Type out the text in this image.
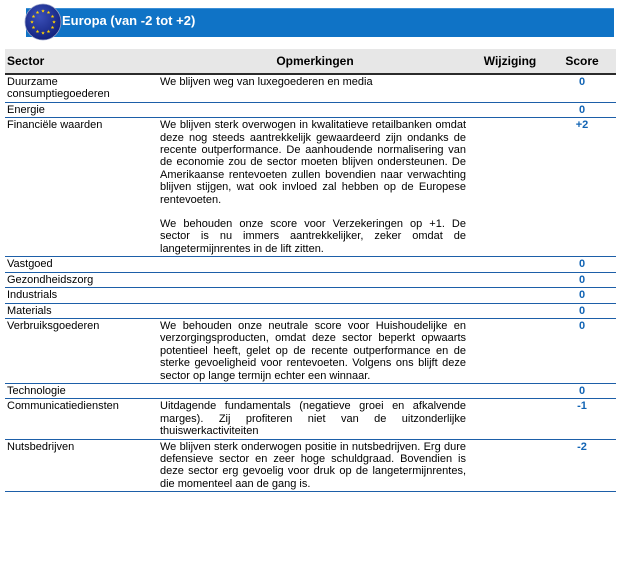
Europa (van -2 tot +2)
Sector	Opmerkingen	Wijziging	Score
Duurzame consumptiegoederen	We blijven weg van luxegoederen en media		0
Energie			0
Financiële waarden	We blijven sterk overwogen in kwalitatieve retailbanken omdat deze nog steeds aantrekkelijk gewaardeerd zijn ondanks de recente outperformance. De aanhoudende normalisering van de economie zou de sector moeten blijven ondersteunen. De Amerikaanse rentevoeten zullen bovendien naar verwachting blijven stijgen, wat ook invloed zal hebben op de Europese rentevoeten.

We behouden onze score voor Verzekeringen op +1. De sector is nu immers aantrekkelijker, zeker omdat de langetermijnrentes in de lift zitten.		+2
Vastgoed			0
Gezondheidszorg			0
Industrials			0
Materials			0
Verbruiksgoederen	We behouden onze neutrale score voor Huishoudelijke en verzorgingsproducten, omdat deze sector beperkt opwaarts potentieel heeft, gelet op de recente outperformance en de sterke gevoeligheid voor rentevoeten. Volgens ons blijft deze sector op lange termijn echter een winnaar.		0
Technologie			0
Communicatiediensten	Uitdagende fundamentals (negatieve groei en afkalvende marges). Zij profiteren niet van de uitzonderlijke thuiswerkactiviteiten		-1
Nutsbedrijven	We blijven sterk onderwogen positie in nutsbedrijven. Erg dure defensieve sector en zeer hoge schuldgraad. Bovendien is deze sector erg gevoelig voor druk op de langetermijnrentes, die momenteel aan de gang is.		-2
